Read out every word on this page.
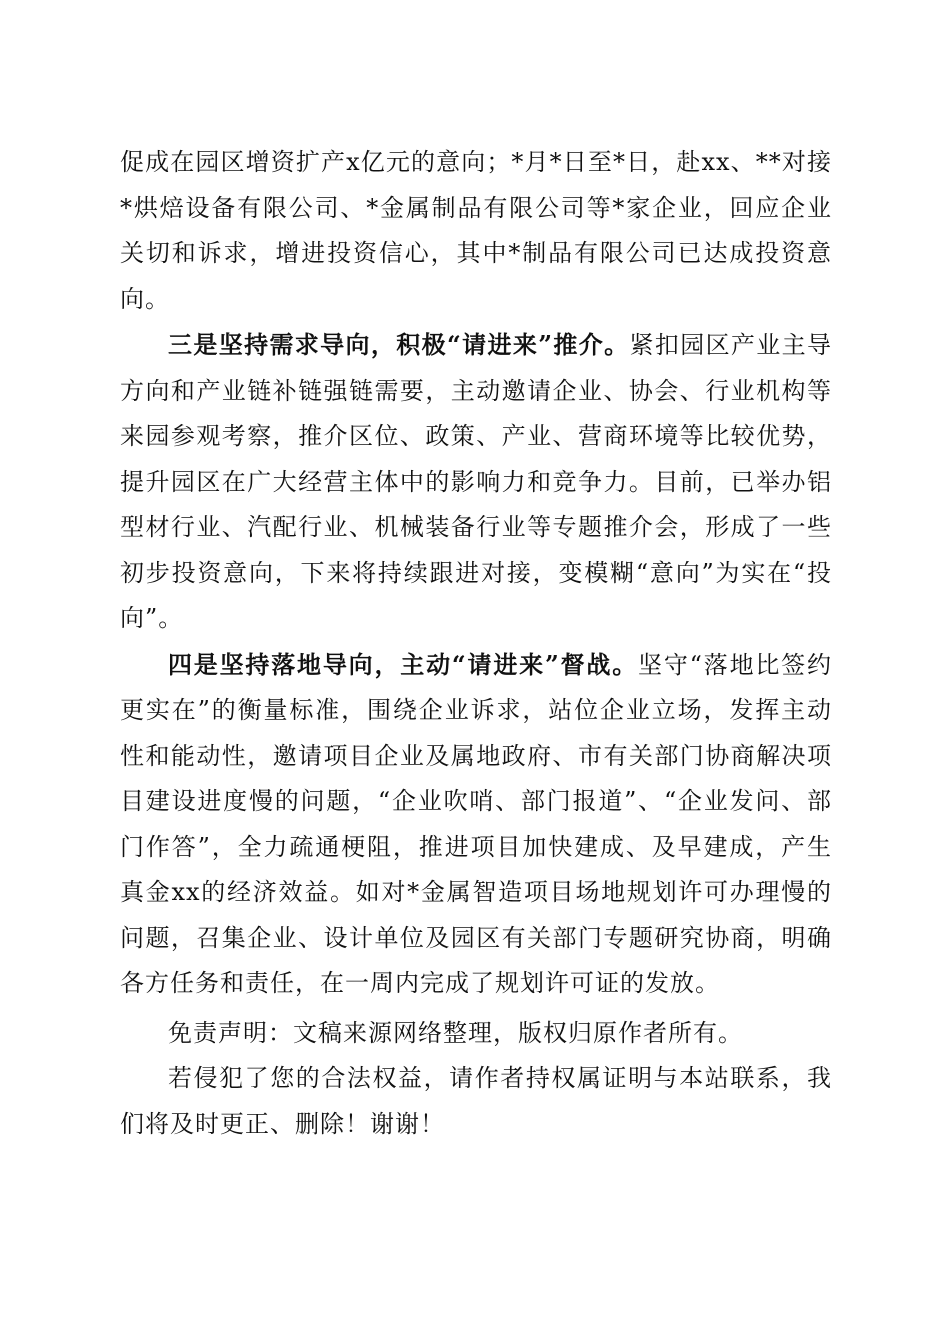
促成在园区增资扩产x亿元的意向；*月*日至*日，赴xx、**对接*烘焙设备有限公司、*金属制品有限公司等*家企业，回应企业关切和诉求，增进投资信心，其中*制品有限公司已达成投资意向。

三是坚持需求导向，积极“请进来”推介。紧扣园区产业主导方向和产业链补链强链需要，主动邀请企业、协会、行业机构等来园参观考察，推介区位、政策、产业、营商环境等比较优势，提升园区在广大经营主体中的影响力和竞争力。目前，已举办铝型材行业、汽配行业、机械装备行业等专题推介会，形成了一些初步投资意向，下来将持续跟进对接，变模糊“意向”为实在“投向”。

四是坚持落地导向，主动“请进来”督战。坚守“落地比签约更实在”的衡量标准，围绕企业诉求，站位企业立场，发挥主动性和能动性，邀请项目企业及属地政府、市有关部门协商解决项目建设进度慢的问题，“企业吹哨、部门报道”、“企业发问、部门作答”，全力疏通梗阻，推进项目加快建成、及早建成，产生真金xx的经济效益。如对*金属智造项目场地规划许可办理慢的问题，召集企业、设计单位及园区有关部门专题研究协商，明确各方任务和责任，在一周内完成了规划许可证的发放。

免责声明：文稿来源网络整理，版权归原作者所有。

若侵犯了您的合法权益，请作者持权属证明与本站联系，我们将及时更正、删除！谢谢！
